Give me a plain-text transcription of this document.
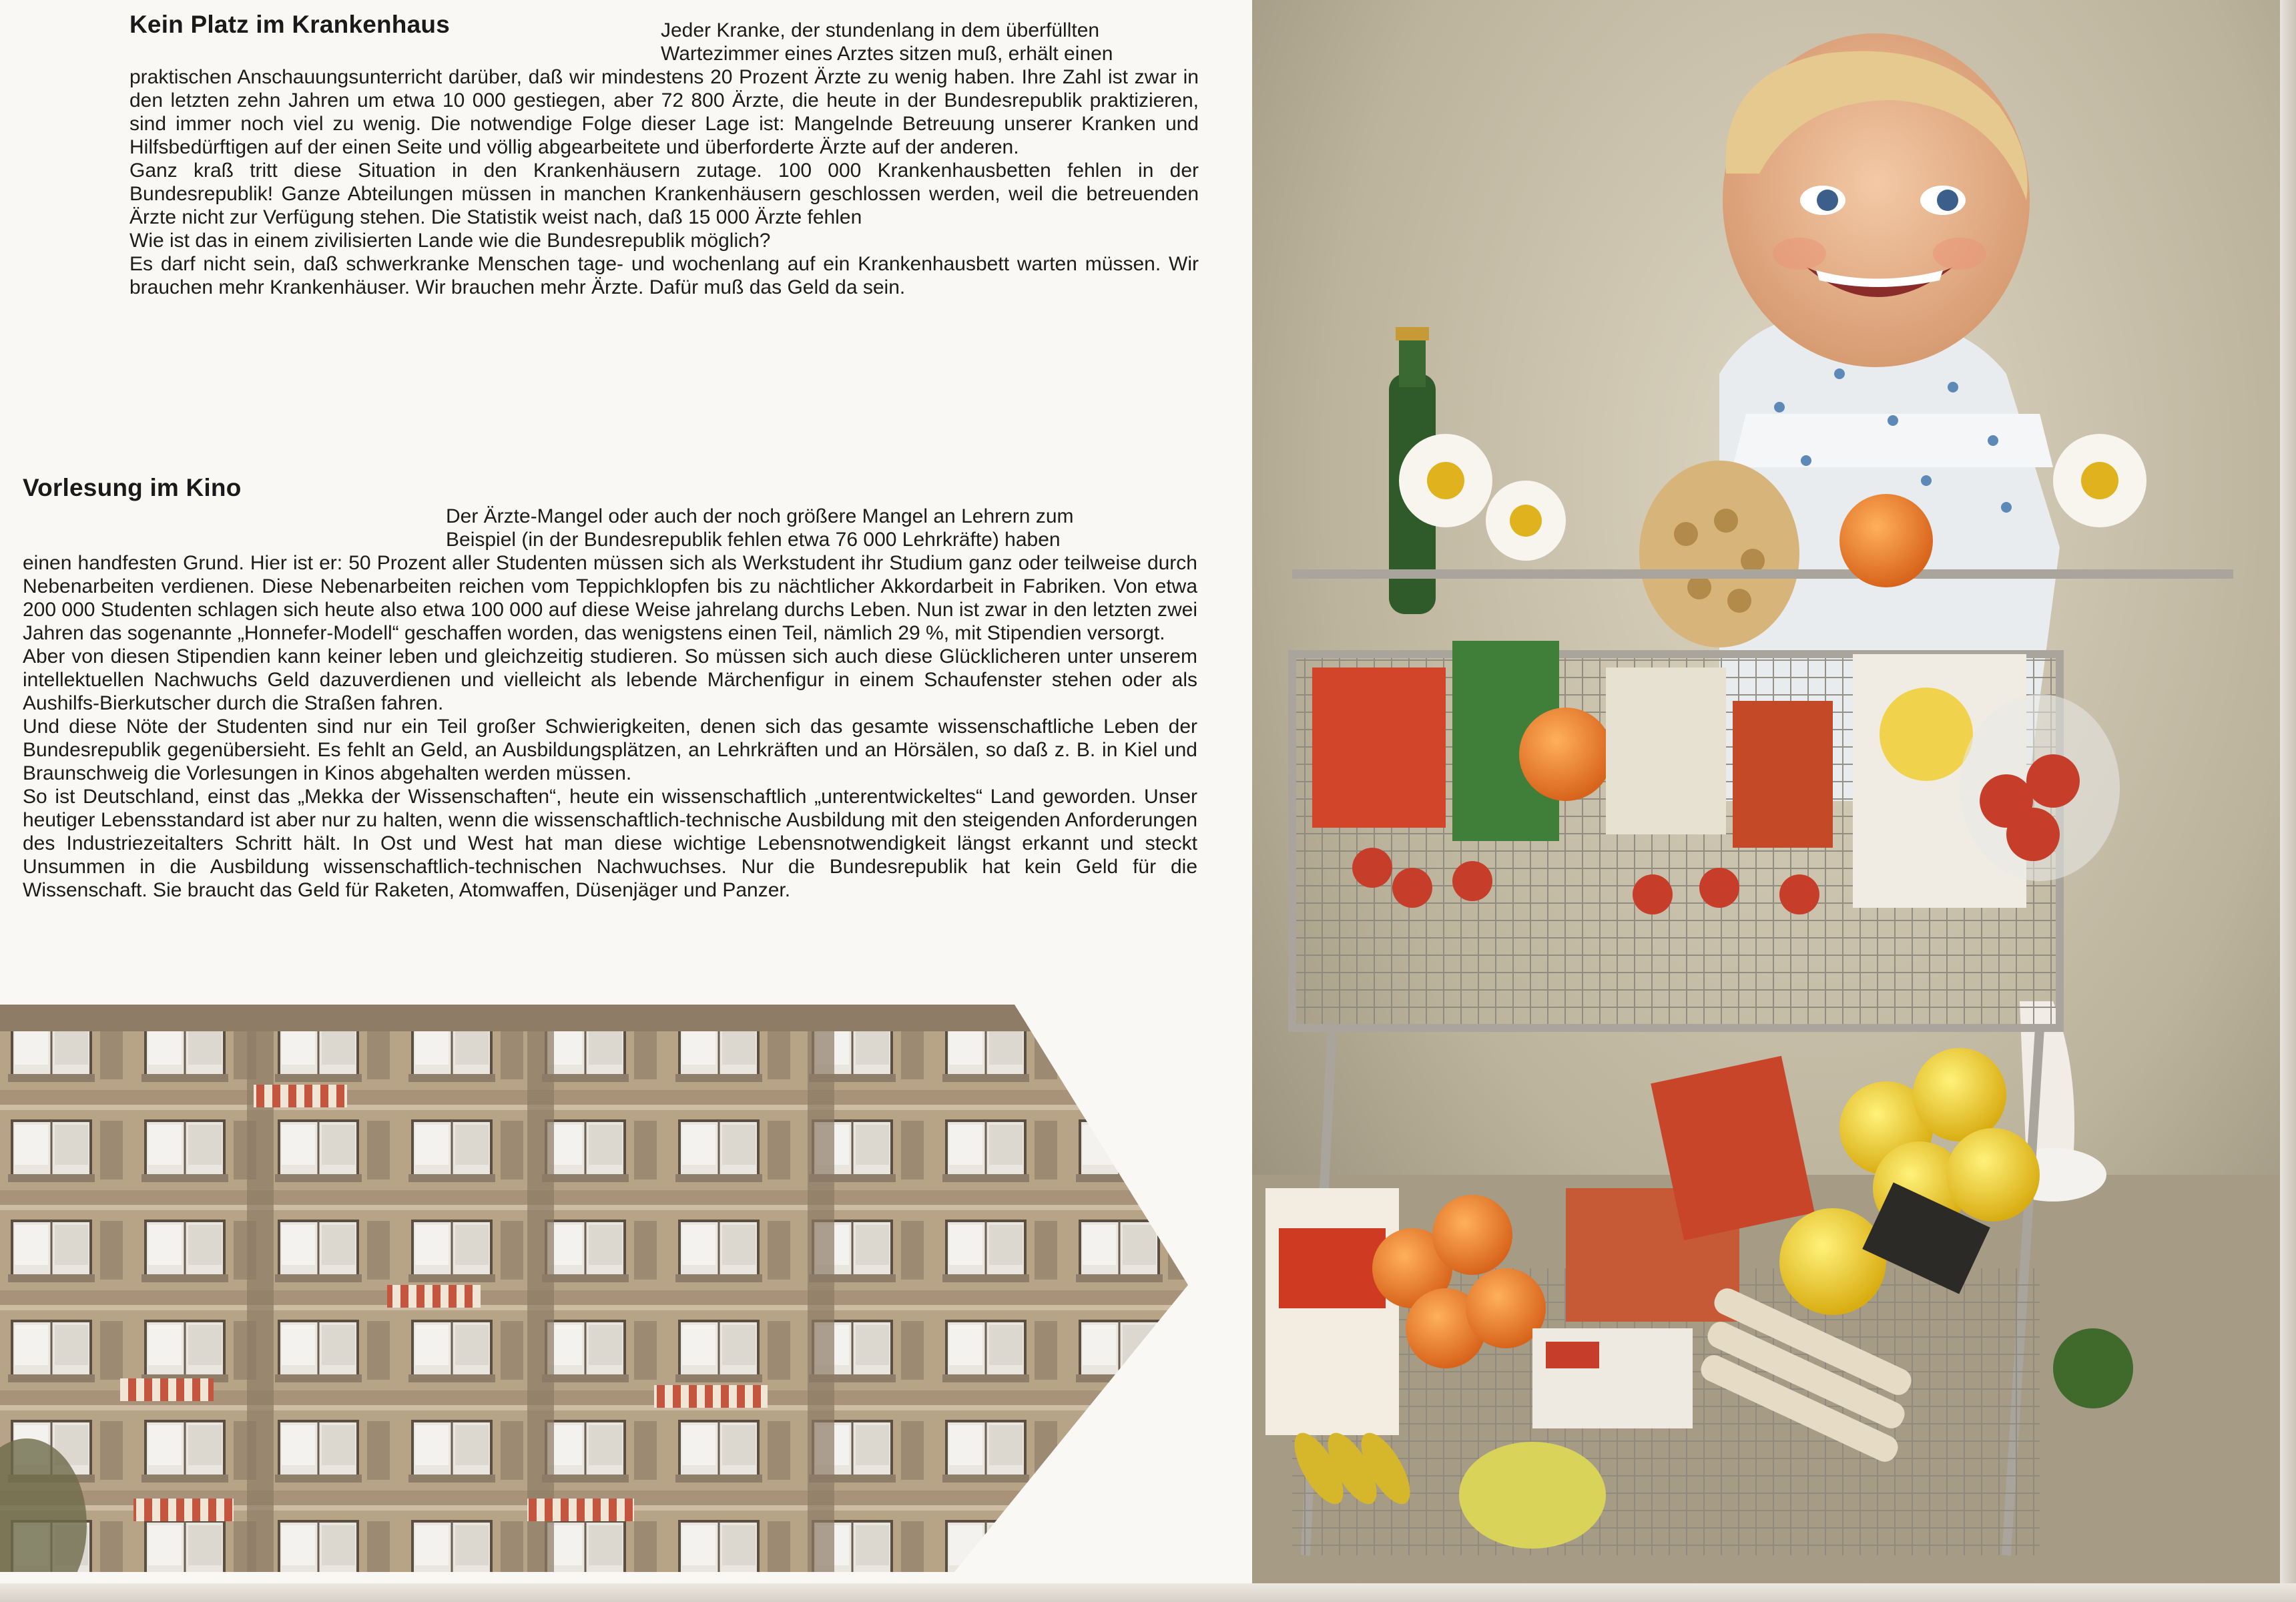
Kein Platz im Krankenhaus	Jeder Kranke, der stundenlang in dem überfüllten
Wartezimmer eines Arztes sitzen muß, erhält einen

praktischen Anschauungsunterricht darüber, daß wir mindestens 20 Prozent Ärzte zu wenig haben. Ihre Zahl ist zwar in den letzten zehn Jahren um etwa 10 000 gestiegen, aber 72 800 Ärzte, die heute in der Bundesrepublik praktizieren, sind immer noch viel zu wenig. Die notwendige Folge dieser Lage ist: Mangelnde Betreuung unserer Kranken und Hilfsbedürftigen auf der einen Seite und völlig abgearbeitete und überforderte Ärzte auf der anderen.

Ganz kraß tritt diese Situation in den Krankenhäusern zutage. 100 000 Krankenhausbetten fehlen in der Bundesrepublik! Ganze Abteilungen müssen in manchen Krankenhäusern geschlossen werden, weil die betreuenden Ärzte nicht zur Verfügung stehen. Die Statistik weist nach, daß 15 000 Ärzte fehlen

Wie ist das in einem zivilisierten Lande wie die Bundesrepublik möglich?

Es darf nicht sein, daß schwerkranke Menschen tage- und wochenlang auf ein Krankenhausbett warten müssen. Wir brauchen mehr Krankenhäuser. Wir brauchen mehr Ärzte. Dafür muß das Geld da sein.

Vorlesung im Kino
Der Ärzte-Mangel oder auch der noch größere Mangel an Lehrern zum
Beispiel (in der Bundesrepublik fehlen etwa 76 000 Lehrkräfte) haben

einen handfesten Grund. Hier ist er: 50 Prozent aller Studenten müssen sich als Werkstudent ihr Studium ganz oder teilweise durch Nebenarbeiten verdienen. Diese Nebenarbeiten reichen vom Teppichklopfen bis zu nächtlicher Akkordarbeit in Fabriken. Von etwa 200 000 Studenten schlagen sich heute also etwa 100 000 auf diese Weise jahrelang durchs Leben. Nun ist zwar in den letzten zwei Jahren das sogenannte „Honnefer-Modell“ geschaffen worden, das wenigstens einen Teil, nämlich 29 %, mit Stipendien versorgt.

Aber von diesen Stipendien kann keiner leben und gleichzeitig studieren. So müssen sich auch diese Glücklicheren unter unserem intellektuellen Nachwuchs Geld dazuverdienen und vielleicht als lebende Märchenfigur in einem Schaufenster stehen oder als Aushilfs-Bierkutscher durch die Straßen fahren.

Und diese Nöte der Studenten sind nur ein Teil großer Schwierigkeiten, denen sich das gesamte wissenschaftliche Leben der Bundesrepublik gegenübersieht. Es fehlt an Geld, an Ausbildungsplätzen, an Lehrkräften und an Hörsälen, so daß z. B. in Kiel und Braunschweig die Vorlesungen in Kinos abgehalten werden müssen.

So ist Deutschland, einst das „Mekka der Wissenschaften“, heute ein wissenschaftlich „unterentwickeltes“ Land geworden. Unser heutiger Lebensstandard ist aber nur zu halten, wenn die wissenschaftlich-technische Ausbildung mit den steigenden Anforderungen des Industriezeitalters Schritt hält. In Ost und West hat man diese wichtige Lebensnotwendigkeit längst erkannt und steckt Unsummen in die Ausbildung wissenschaftlich-technischen Nachwuchses. Nur die Bundesrepublik hat kein Geld für die Wissenschaft. Sie braucht das Geld für Raketen, Atomwaffen, Düsenjäger und Panzer.
